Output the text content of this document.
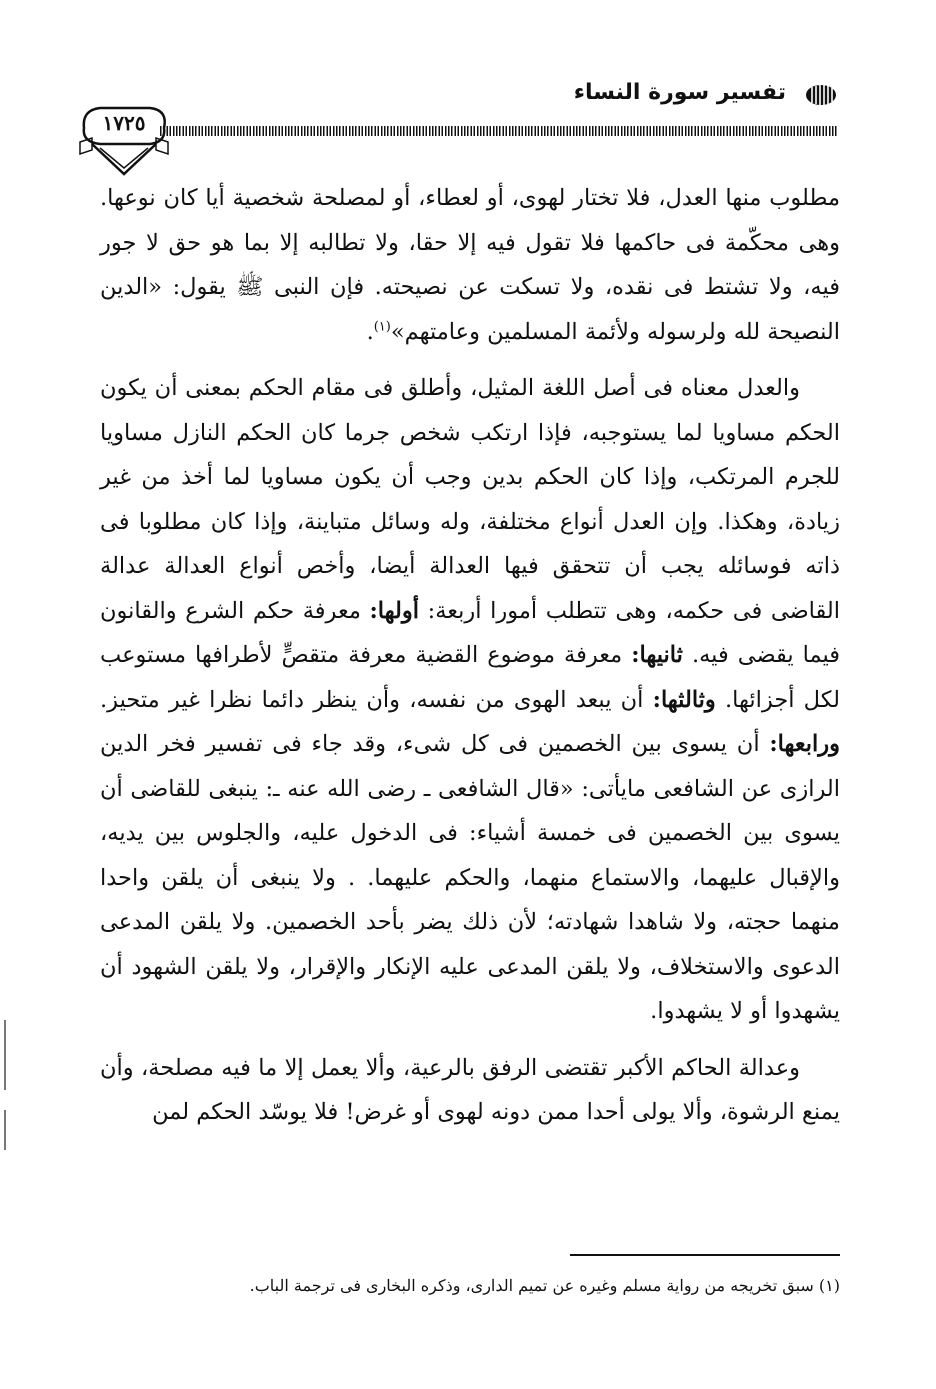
تفسير سورة النساء
١٧٢٥

مطلوب منها العدل، فلا تختار لهوى، أو لعطاء، أو لمصلحة شخصية أيا كان نوعها. وهى محكّمة فى حاكمها فلا تقول فيه إلا حقا، ولا تطالبه إلا بما هو حق لا جور فيه، ولا تشتط فى نقده، ولا تسكت عن نصيحته. فإن النبى ﷺ يقول: «الدين النصيحة لله ولرسوله ولأئمة المسلمين وعامتهم»$^{(١)}$.

والعدل معناه فى أصل اللغة المثيل، وأطلق فى مقام الحكم بمعنى أن يكون الحكم مساويا لما يستوجبه، فإذا ارتكب شخص جرما كان الحكم النازل مساويا للجرم المرتكب، وإذا كان الحكم بدين وجب أن يكون مساويا لما أخذ من غير زيادة، وهكذا. وإن العدل أنواع مختلفة، وله وسائل متباينة، وإذا كان مطلوبا فى ذاته فوسائله يجب أن تتحقق فيها العدالة أيضا، وأخص أنواع العدالة عدالة القاضى فى حكمه، وهى تتطلب أمورا أربعة: أولها: معرفة حكم الشرع والقانون فيما يقضى فيه. ثانيها: معرفة موضوع القضية معرفة متقصٍّ لأطرافها مستوعب لكل أجزائها. وثالثها: أن يبعد الهوى من نفسه، وأن ينظر دائما نظرا غير متحيز. ورابعها: أن يسوى بين الخصمين فى كل شىء، وقد جاء فى تفسير فخر الدين الرازى عن الشافعى مايأتى: «قال الشافعى ـ رضى الله عنه ـ: ينبغى للقاضى أن يسوى بين الخصمين فى خمسة أشياء: فى الدخول عليه، والجلوس بين يديه، والإقبال عليهما، والاستماع منهما، والحكم عليهما. . ولا ينبغى أن يلقن واحدا منهما حجته، ولا شاهدا شهادته؛ لأن ذلك يضر بأحد الخصمين. ولا يلقن المدعى الدعوى والاستخلاف، ولا يلقن المدعى عليه الإنكار والإقرار، ولا يلقن الشهود أن يشهدوا أو لا يشهدوا.

وعدالة الحاكم الأكبر تقتضى الرفق بالرعية، وألا يعمل إلا ما فيه مصلحة، وأن يمنع الرشوة، وألا يولى أحدا ممن دونه لهوى أو غرض! فلا يوسّد الحكم لمن

(١) سبق تخريجه من رواية مسلم وغيره عن تميم الدارى، وذكره البخارى فى ترجمة الباب.
